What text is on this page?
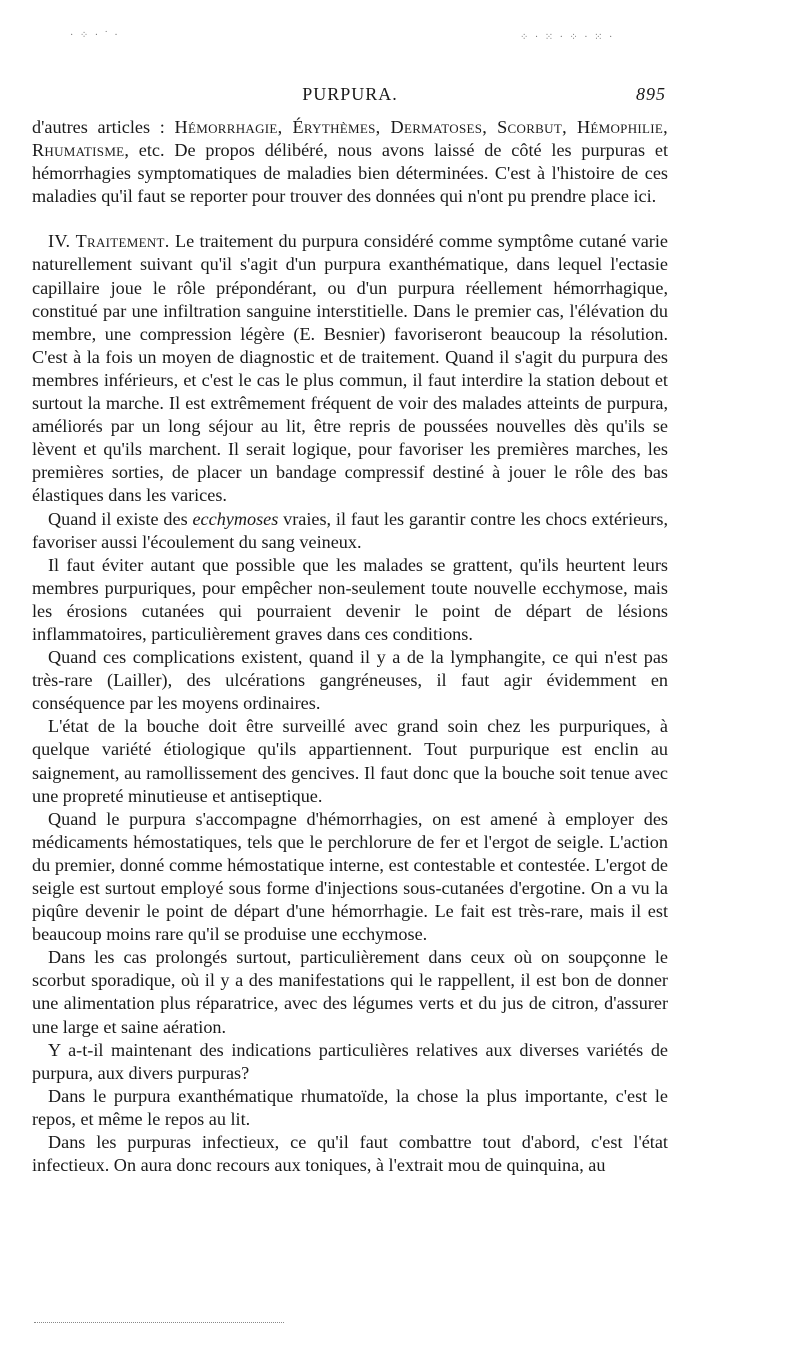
· ⁘ · ˙ ·	⁘ · ⁙ · ⁘ · ⁙ ·
PURPURA.	895

d'autres articles : Hémorrhagie, Érythèmes, Dermatoses, Scorbut, Hémophilie, Rhumatisme, etc. De propos délibéré, nous avons laissé de côté les purpuras et hémorrhagies symptomatiques de maladies bien déterminées. C'est à l'histoire de ces maladies qu'il faut se reporter pour trouver des données qui n'ont pu prendre place ici.

IV. Traitement. Le traitement du purpura considéré comme symptôme cutané varie naturellement suivant qu'il s'agit d'un purpura exanthématique, dans lequel l'ectasie capillaire joue le rôle prépondérant, ou d'un purpura réellement hémorrhagique, constitué par une infiltration sanguine interstitielle. Dans le premier cas, l'élévation du membre, une compression légère (E. Besnier) favoriseront beaucoup la résolution. C'est à la fois un moyen de diagnostic et de traitement. Quand il s'agit du purpura des membres inférieurs, et c'est le cas le plus commun, il faut interdire la station debout et surtout la marche. Il est extrêmement fréquent de voir des malades atteints de purpura, améliorés par un long séjour au lit, être repris de poussées nouvelles dès qu'ils se lèvent et qu'ils marchent. Il serait logique, pour favoriser les premières marches, les premières sorties, de placer un bandage compressif destiné à jouer le rôle des bas élastiques dans les varices.

Quand il existe des ecchymoses vraies, il faut les garantir contre les chocs extérieurs, favoriser aussi l'écoulement du sang veineux.

Il faut éviter autant que possible que les malades se grattent, qu'ils heurtent leurs membres purpuriques, pour empêcher non-seulement toute nouvelle ecchymose, mais les érosions cutanées qui pourraient devenir le point de départ de lésions inflammatoires, particulièrement graves dans ces conditions.

Quand ces complications existent, quand il y a de la lymphangite, ce qui n'est pas très-rare (Lailler), des ulcérations gangréneuses, il faut agir évidemment en conséquence par les moyens ordinaires.

L'état de la bouche doit être surveillé avec grand soin chez les purpuriques, à quelque variété étiologique qu'ils appartiennent. Tout purpurique est enclin au saignement, au ramollissement des gencives. Il faut donc que la bouche soit tenue avec une propreté minutieuse et antiseptique.

Quand le purpura s'accompagne d'hémorrhagies, on est amené à employer des médicaments hémostatiques, tels que le perchlorure de fer et l'ergot de seigle. L'action du premier, donné comme hémostatique interne, est contestable et contestée. L'ergot de seigle est surtout employé sous forme d'injections sous-cutanées d'ergotine. On a vu la piqûre devenir le point de départ d'une hémorrhagie. Le fait est très-rare, mais il est beaucoup moins rare qu'il se produise une ecchymose.

Dans les cas prolongés surtout, particulièrement dans ceux où on soupçonne le scorbut sporadique, où il y a des manifestations qui le rappellent, il est bon de donner une alimentation plus réparatrice, avec des légumes verts et du jus de citron, d'assurer une large et saine aération.

Y a-t-il maintenant des indications particulières relatives aux diverses variétés de purpura, aux divers purpuras?

Dans le purpura exanthématique rhumatoïde, la chose la plus importante, c'est le repos, et même le repos au lit.

Dans les purpuras infectieux, ce qu'il faut combattre tout d'abord, c'est l'état infectieux. On aura donc recours aux toniques, à l'extrait mou de quinquina, au
